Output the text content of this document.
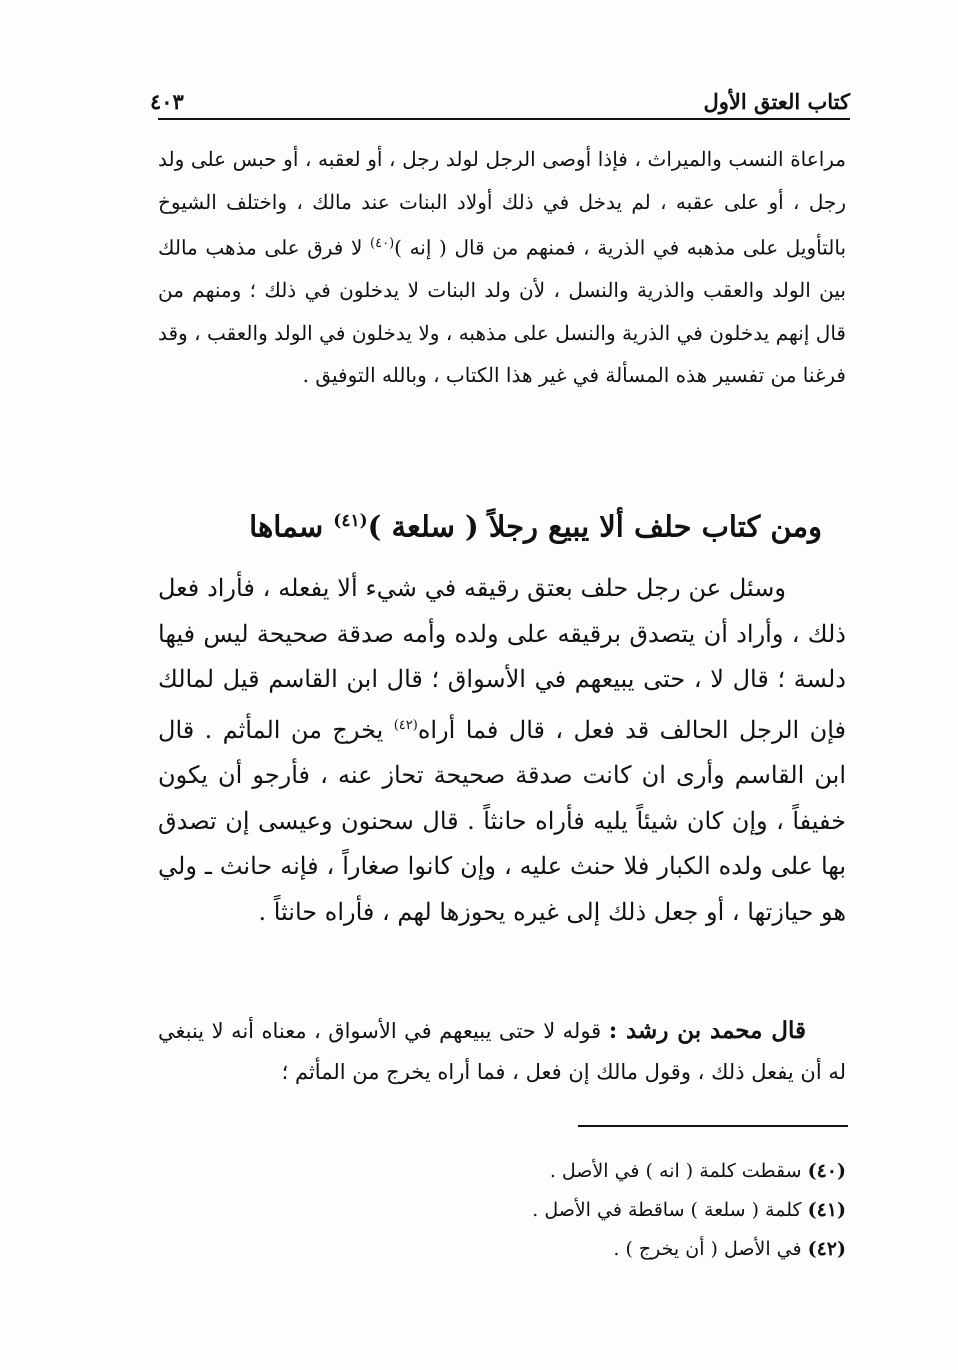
كتاب العتق الأول
٤٠٣
مراعاة النسب والميراث ، فإذا أوصى الرجل لولد رجل ، أو لعقبه ، أو حبس على ولد رجل ، أو على عقبه ، لم يدخل في ذلك أولاد البنات عند مالك ، واختلف الشيوخ بالتأويل على مذهبه في الذرية ، فمنهم من قال ( إنه )$^{(٤٠)}$ لا فرق على مذهب مالك بين الولد والعقب والذرية والنسل ، لأن ولد البنات لا يدخلون في ذلك ؛ ومنهم من قال إنهم يدخلون في الذرية والنسل على مذهبه ، ولا يدخلون في الولد والعقب ، وقد فرغنا من تفسير هذه المسألة في غير هذا الكتاب ، وبالله التوفيق .
ومن كتاب حلف ألا يبيع رجلاً ( سلعة )$^{(٤١)}$ سماها
وسئل عن رجل حلف بعتق رقيقه في شيء ألا يفعله ، فأراد فعل ذلك ، وأراد أن يتصدق برقيقه على ولده وأمه صدقة صحيحة ليس فيها دلسة ؛ قال لا ، حتى يبيعهم في الأسواق ؛ قال ابن القاسم قيل لمالك فإن الرجل الحالف قد فعل ، قال فما أراه$^{(٤٢)}$ يخرج من المأثم . قال ابن القاسم وأرى ان كانت صدقة صحيحة تحاز عنه ، فأرجو أن يكون خفيفاً ، وإن كان شيئاً يليه فأراه حانثاً . قال سحنون وعيسى إن تصدق بها على ولده الكبار فلا حنث عليه ، وإن كانوا صغاراً ، فإنه حانث ـ ولي هو حيازتها ، أو جعل ذلك إلى غيره يحوزها لهم ، فأراه حانثاً .
قال محمد بن رشد : قوله لا حتى يبيعهم في الأسواق ، معناه أنه لا ينبغي له أن يفعل ذلك ، وقول مالك إن فعل ، فما أراه يخرج من المأثم ؛
(٤٠)سقطت كلمة ( انه ) في الأصل .
(٤١)كلمة ( سلعة ) ساقطة في الأصل .
(٤٢)في الأصل ( أن يخرج ) .
